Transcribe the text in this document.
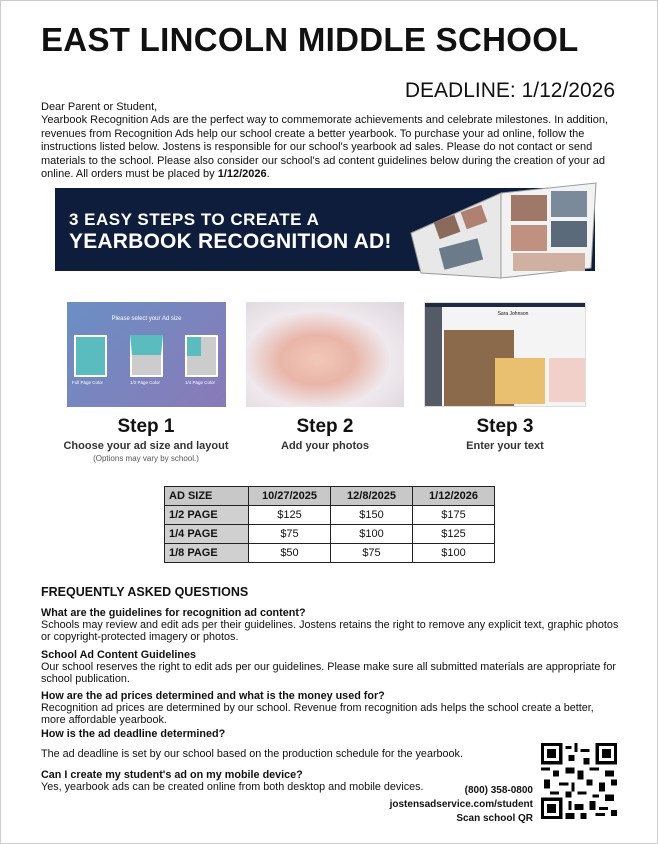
EAST LINCOLN MIDDLE SCHOOL
DEADLINE: 1/12/2026
Dear Parent or Student,
Yearbook Recognition Ads are the perfect way to commemorate achievements and celebrate milestones. In addition, revenues from Recognition Ads help our school create a better yearbook. To purchase your ad online, follow the instructions listed below. Jostens is responsible for our school's yearbook ad sales. Please do not contact or send materials to the school. Please also consider our school's ad content guidelines below during the creation of your ad online. All orders must be placed by 1/12/2026.
3 EASY STEPS TO CREATE A
YEARBOOK RECOGNITION AD!
Please select your Ad size
Full Page Color	1/2 Page Color	1/4 Page Color
Sara Johnson
Step 1
Choose your ad size and layout
(Options may vary by school.)
Step 2
Add your photos
Step 3
Enter your text
AD SIZE	10/27/2025	12/8/2025	1/12/2026
1/2 PAGE	$125	$150	$175
1/4 PAGE	$75	$100	$125
1/8 PAGE	$50	$75	$100
FREQUENTLY ASKED QUESTIONS
What are the guidelines for recognition ad content?
Schools may review and edit ads per their guidelines. Jostens retains the right to remove any explicit text, graphic photos or copyright-protected imagery or photos.
School Ad Content Guidelines
Our school reserves the right to edit ads per our guidelines. Please make sure all submitted materials are appropriate for school publication.
How are the ad prices determined and what is the money used for?
Recognition ad prices are determined by our school. Revenue from recognition ads helps the school create a better, more affordable yearbook.
How is the ad deadline determined?
The ad deadline is set by our school based on the production schedule for the yearbook.
Can I create my student's ad on my mobile device?
Yes, yearbook ads can be created online from both desktop and mobile devices.	(800) 358-0800
jostensadservice.com/student
Scan school QR
